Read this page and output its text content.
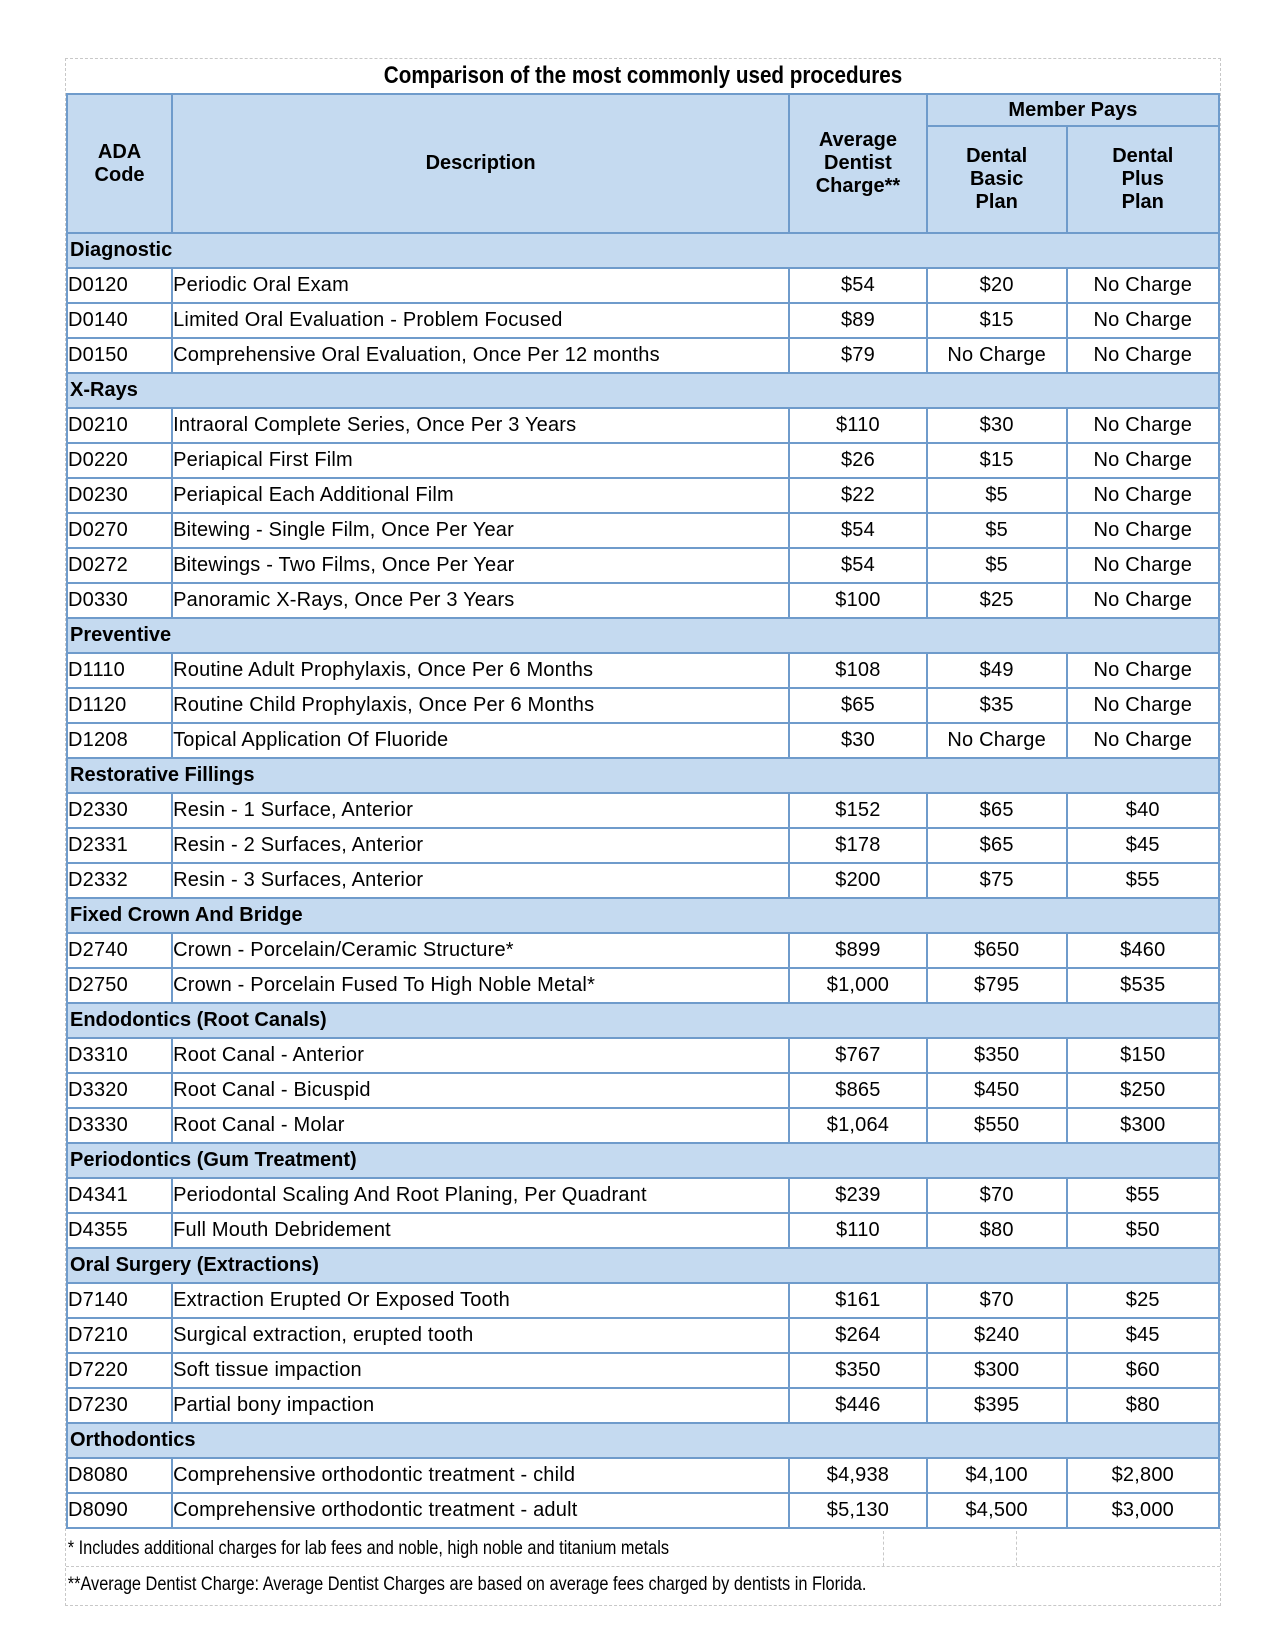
Comparison of the most commonly used procedures
ADA Code	Description	Average Dentist Charge**	Member Pays	
			Dental Basic Plan	Dental Plus Plan
Diagnostic				
D0120	Periodic Oral Exam	$54	$20	No Charge
D0140	Limited Oral Evaluation - Problem Focused	$89	$15	No Charge
D0150	Comprehensive Oral Evaluation, Once Per 12 months	$79	No Charge	No Charge
X-Rays				
D0210	Intraoral Complete Series, Once Per 3 Years	$110	$30	No Charge
D0220	Periapical First Film	$26	$15	No Charge
D0230	Periapical Each Additional Film	$22	$5	No Charge
D0270	Bitewing - Single Film, Once Per Year	$54	$5	No Charge
D0272	Bitewings - Two Films, Once Per Year	$54	$5	No Charge
D0330	Panoramic X-Rays, Once Per 3 Years	$100	$25	No Charge
Preventive				
D1110	Routine Adult Prophylaxis, Once Per 6 Months	$108	$49	No Charge
D1120	Routine Child Prophylaxis, Once Per 6 Months	$65	$35	No Charge
D1208	Topical Application Of Fluoride	$30	No Charge	No Charge
Restorative Fillings				
D2330	Resin - 1 Surface, Anterior	$152	$65	$40
D2331	Resin - 2 Surfaces, Anterior	$178	$65	$45
D2332	Resin - 3 Surfaces, Anterior	$200	$75	$55
Fixed Crown And Bridge				
D2740	Crown - Porcelain/Ceramic Structure*	$899	$650	$460
D2750	Crown - Porcelain Fused To High Noble Metal*	$1,000	$795	$535
Endodontics (Root Canals)				
D3310	Root Canal - Anterior	$767	$350	$150
D3320	Root Canal - Bicuspid	$865	$450	$250
D3330	Root Canal - Molar	$1,064	$550	$300
Periodontics (Gum Treatment)				
D4341	Periodontal Scaling And Root Planing, Per Quadrant	$239	$70	$55
D4355	Full Mouth Debridement	$110	$80	$50
Oral Surgery (Extractions)				
D7140	Extraction Erupted Or Exposed Tooth	$161	$70	$25
D7210	Surgical extraction, erupted tooth	$264	$240	$45
D7220	Soft tissue impaction	$350	$300	$60
D7230	Partial bony impaction	$446	$395	$80
Orthodontics				
D8080	Comprehensive orthodontic treatment - child	$4,938	$4,100	$2,800
D8090	Comprehensive orthodontic treatment - adult	$5,130	$4,500	$3,000
* Includes additional charges for lab fees and noble, high noble and titanium metals
**Average Dentist Charge: Average Dentist Charges are based on average fees charged by dentists in Florida.
